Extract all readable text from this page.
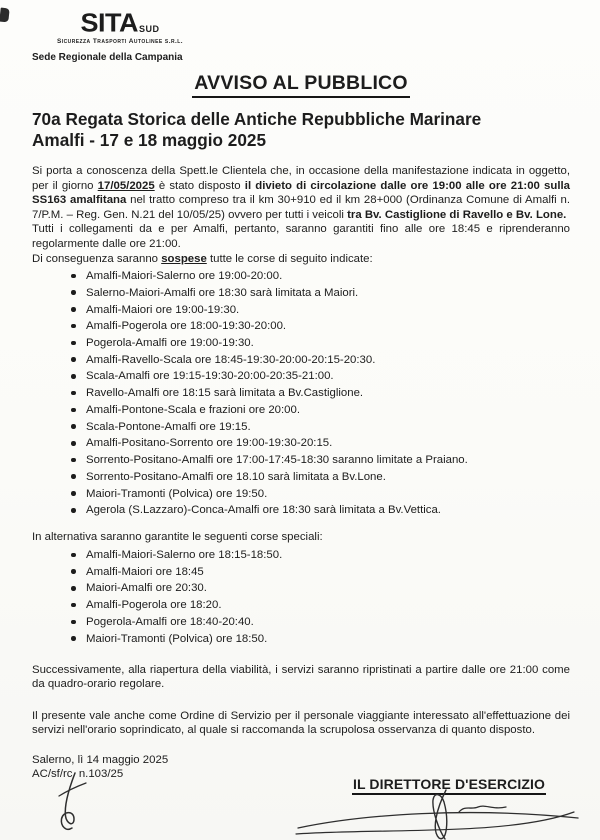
SITASUD
Sicurezza Trasporti Autolinee s.r.l.
Sede Regionale della Campania
AVVISO AL PUBBLICO
70a Regata Storica delle Antiche Repubbliche Marinare
Amalfi - 17 e 18 maggio 2025

Si porta a conoscenza della Spett.le Clientela che, in occasione della manifestazione indicata in oggetto, per il giorno 17/05/2025 è stato disposto il divieto di circolazione dalle ore 19:00 alle ore 21:00 sulla SS163 amalfitana nel tratto compreso tra il km 30+910 ed il km 28+000 (Ordinanza Comune di Amalfi n. 7/P.M. – Reg. Gen. N.21 del 10/05/25) ovvero per tutti i veicoli tra Bv. Castiglione di Ravello e Bv. Lone.

Tutti i collegamenti da e per Amalfi, pertanto, saranno garantiti fino alle ore 18:45 e riprenderanno regolarmente dalle ore 21:00.

Di conseguenza saranno sospese tutte le corse di seguito indicate:

Amalfi-Maiori-Salerno ore 19:00-20:00.
Salerno-Maiori-Amalfi ore 18:30 sarà limitata a Maiori.
Amalfi-Maiori ore 19:00-19:30.
Amalfi-Pogerola ore 18:00-19:30-20:00.
Pogerola-Amalfi ore 19:00-19:30.
Amalfi-Ravello-Scala ore 18:45-19:30-20:00-20:15-20:30.
Scala-Amalfi ore 19:15-19:30-20:00-20:35-21:00.
Ravello-Amalfi ore 18:15 sarà limitata a Bv.Castiglione.
Amalfi-Pontone-Scala e frazioni ore 20:00.
Scala-Pontone-Amalfi ore 19:15.
Amalfi-Positano-Sorrento ore 19:00-19:30-20:15.
Sorrento-Positano-Amalfi ore 17:00-17:45-18:30 saranno limitate a Praiano.
Sorrento-Positano-Amalfi ore 18.10 sarà limitata a Bv.Lone.
Maiori-Tramonti (Polvica) ore 19:50.
Agerola (S.Lazzaro)-Conca-Amalfi ore 18:30 sarà limitata a Bv.Vettica.

In alternativa saranno garantite le seguenti corse speciali:

Amalfi-Maiori-Salerno ore 18:15-18:50.
Amalfi-Maiori ore 18:45
Maiori-Amalfi ore 20:30.
Amalfi-Pogerola ore 18:20.
Pogerola-Amalfi ore 18:40-20:40.
Maiori-Tramonti (Polvica) ore 18:50.

Successivamente, alla riapertura della viabilità, i servizi saranno ripristinati a partire dalle ore 21:00 come da quadro-orario regolare.

Il presente vale anche come Ordine di Servizio per il personale viaggiante interessato all'effettuazione dei servizi nell'orario soprindicato, al quale si raccomanda la scrupolosa osservanza di quanto disposto.

Salerno, lì 14 maggio 2025

AC/sf/rc  n.103/25

IL DIRETTORE D'ESERCIZIO
